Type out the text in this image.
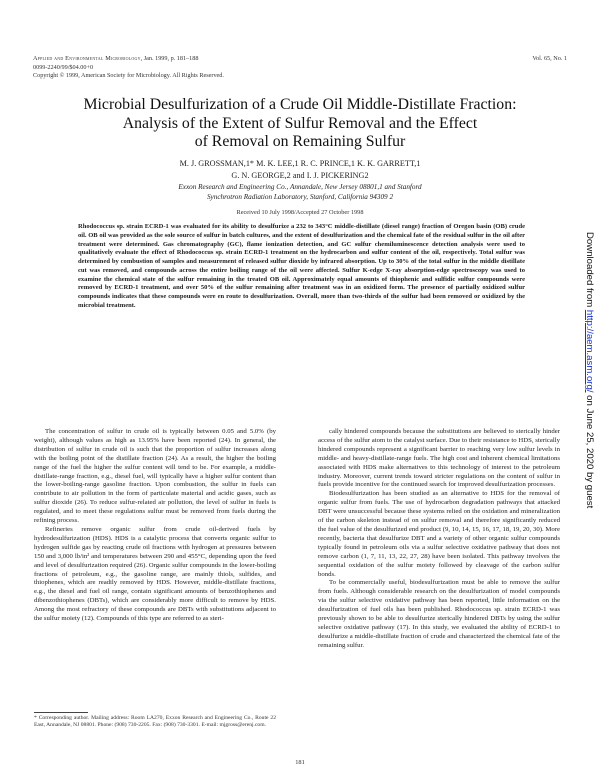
Applied and Environmental Microbiology, Jan. 1999, p. 181–188
0099-2240/99/$04.00+0
Copyright © 1999, American Society for Microbiology. All Rights Reserved.
Vol. 65, No. 1
Microbial Desulfurization of a Crude Oil Middle-Distillate Fraction:
Analysis of the Extent of Sulfur Removal and the Effect
of Removal on Remaining Sulfur
M. J. GROSSMAN,1* M. K. LEE,1 R. C. PRINCE,1 K. K. GARRETT,1
G. N. GEORGE,2 and I. J. PICKERING2
Exxon Research and Engineering Co., Annandale, New Jersey 08801,1 and Stanford
Synchrotron Radiation Laboratory, Stanford, California 94309 2
Received 10 July 1998/Accepted 27 October 1998
Rhodococcus sp. strain ECRD-1 was evaluated for its ability to desulfurize a 232 to 343°C middle-distillate (diesel range) fraction of Oregon basin (OB) crude oil. OB oil was provided as the sole source of sulfur in batch cultures, and the extent of desulfurization and the chemical fate of the residual sulfur in the oil after treatment were determined. Gas chromatography (GC), flame ionization detection, and GC sulfur chemiluminescence detection analysis were used to qualitatively evaluate the effect of Rhodococcus sp. strain ECRD-1 treatment on the hydrocarbon and sulfur content of the oil, respectively. Total sulfur was determined by combustion of samples and measurement of released sulfur dioxide by infrared absorption. Up to 30% of the total sulfur in the middle distillate cut was removed, and compounds across the entire boiling range of the oil were affected. Sulfur K-edge X-ray absorption-edge spectroscopy was used to examine the chemical state of the sulfur remaining in the treated OB oil. Approximately equal amounts of thiophenic and sulfidic sulfur compounds were removed by ECRD-1 treatment, and over 50% of the sulfur remaining after treatment was in an oxidized form. The presence of partially oxidized sulfur compounds indicates that these compounds were en route to desulfurization. Overall, more than two-thirds of the sulfur had been removed or oxidized by the microbial treatment.

The concentration of sulfur in crude oil is typically between 0.05 and 5.0% (by weight), although values as high as 13.95% have been reported (24). In general, the distribution of sulfur in crude oil is such that the proportion of sulfur increases along with the boiling point of the distillate fraction (24). As a result, the higher the boiling range of the fuel the higher the sulfur content will tend to be. For example, a middle-distillate-range fraction, e.g., diesel fuel, will typically have a higher sulfur content than the lower-boiling-range gasoline fraction. Upon combustion, the sulfur in fuels can contribute to air pollution in the form of particulate material and acidic gases, such as sulfur dioxide (26). To reduce sulfur-related air pollution, the level of sulfur in fuels is regulated, and to meet these regulations sulfur must be removed from fuels during the refining process.

Refineries remove organic sulfur from crude oil-derived fuels by hydrodesulfurization (HDS). HDS is a catalytic process that converts organic sulfur to hydrogen sulfide gas by reacting crude oil fractions with hydrogen at pressures between 150 and 3,000 lb/in² and temperatures between 290 and 455°C, depending upon the feed and level of desulfurization required (26). Organic sulfur compounds in the lower-boiling fractions of petroleum, e.g., the gasoline range, are mainly thiols, sulfides, and thiophenes, which are readily removed by HDS. However, middle-distillate fractions, e.g., the diesel and fuel oil range, contain significant amounts of benzothiophenes and dibenzothiophenes (DBTs), which are considerably more difficult to remove by HDS. Among the most refractory of these compounds are DBTs with substitutions adjacent to the sulfur moiety (12). Compounds of this type are referred to as steri-

cally hindered compounds because the substitutions are believed to sterically hinder access of the sulfur atom to the catalyst surface. Due to their resistance to HDS, sterically hindered compounds represent a significant barrier to reaching very low sulfur levels in middle- and heavy-distillate-range fuels. The high cost and inherent chemical limitations associated with HDS make alternatives to this technology of interest to the petroleum industry. Moreover, current trends toward stricter regulations on the content of sulfur in fuels provide incentive for the continued search for improved desulfurization processes.

Biodesulfurization has been studied as an alternative to HDS for the removal of organic sulfur from fuels. The use of hydrocarbon degradation pathways that attacked DBT were unsuccessful because these systems relied on the oxidation and mineralization of the carbon skeleton instead of on sulfur removal and therefore significantly reduced the fuel value of the desulfurized end product (9, 10, 14, 15, 16, 17, 18, 19, 20, 30). More recently, bacteria that desulfurize DBT and a variety of other organic sulfur compounds typically found in petroleum oils via a sulfur selective oxidative pathway that does not remove carbon (1, 7, 11, 13, 22, 27, 28) have been isolated. This pathway involves the sequential oxidation of the sulfur moiety followed by cleavage of the carbon sulfur bonds.

To be commercially useful, biodesulfurization must be able to remove the sulfur from fuels. Although considerable research on the desulfurization of model compounds via the sulfur selective oxidative pathway has been reported, little information on the desulfurization of fuel oils has been published. Rhodococcus sp. strain ECRD-1 was previously shown to be able to desulfurize sterically hindered DBTs by using the sulfur selective oxidative pathway (17). In this study, we evaluated the ability of ECRD-1 to desulfurize a middle-distillate fraction of crude and characterized the chemical fate of the remaining sulfur.

* Corresponding author. Mailing address: Room LA270, Exxon Research and Engineering Co., Route 22 East, Annandale, NJ 08801. Phone: (908) 730-2205. Fax: (908) 730-3301. E-mail: mjgross@erenj.com.
181
Downloaded from http://aem.asm.org/ on June 25, 2020 by guest
